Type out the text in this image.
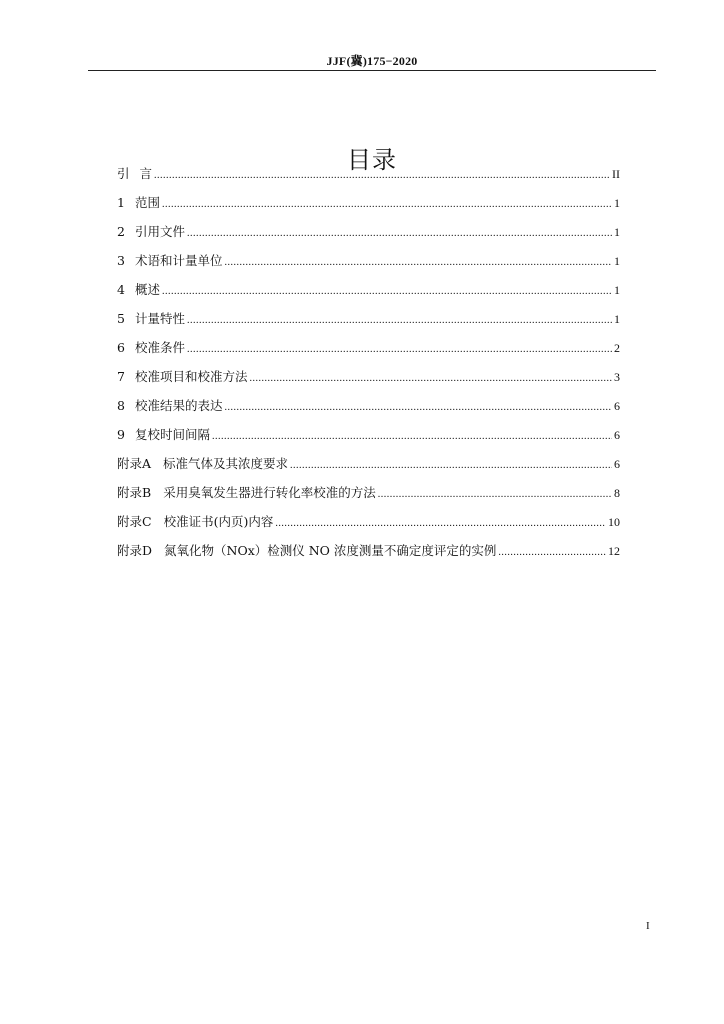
JJF(冀)175−2020
目录
引 言 .....	II
1 范围 .....	1
2 引用文件 .....	1
3 术语和计量单位 .....	1
4 概述 .....	1
5 计量特性 .....	1
6 校准条件 .....	2
7 校准项目和校准方法 .....	3
8 校准结果的表达 .....	6
9 复校时间间隔 .....	6
附录A 标准气体及其浓度要求 .....	6
附录B 采用臭氧发生器进行转化率校准的方法 .....	8
附录C 校准证书(内页)内容 .....	10
附录D 氮氧化物（NOx）检测仪 NO 浓度测量不确定度评定的实例 .....	12
I
